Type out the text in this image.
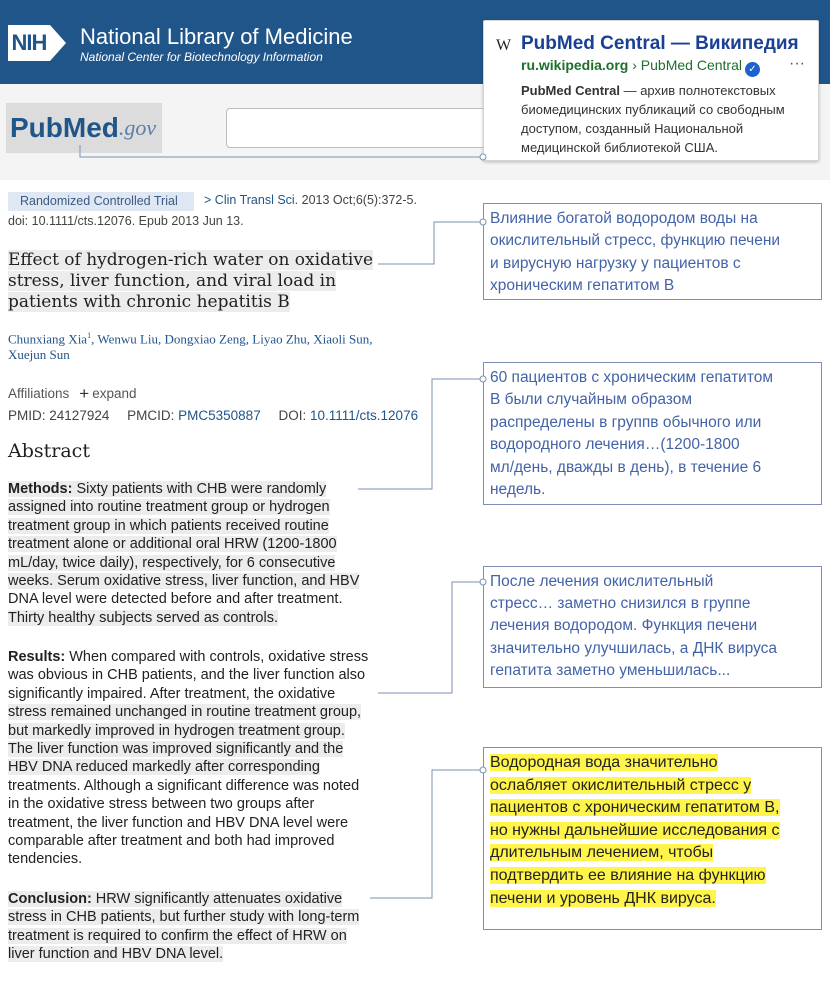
NIH National Library of Medicine
National Center for Biotechnology Information
Pub Med .gov
W PubMed Central — Википедия
ru.wikipedia.org › PubMed Central ✓ ···
PubMed Central — архив полнотекстовых биомедицинских публикаций со свободным доступом, созданный Национальной медицинской библиотекой США.
Randomized Controlled Trial	> Clin Transl Sci. 2013 Oct;6(5):372-5.
doi: 10.1111/cts.12076. Epub 2013 Jun 13.
Effect of hydrogen-rich water on oxidative
stress, liver function, and viral load in
patients with chronic hepatitis B
Chunxiang Xia$^1$, Wenwu Liu, Dongxiao Zeng, Liyao Zhu, Xiaoli Sun,
Xuejun Sun
Affiliations + expand
PMID: 24127924 PMCID: PMC5350887 DOI: 10.1111/cts.12076
Abstract
Methods: Sixty patients with CHB were randomly
assigned into routine treatment group or hydrogen
treatment group in which patients received routine
treatment alone or additional oral HRW (1200-1800
mL/day, twice daily), respectively, for 6 consecutive
weeks. Serum oxidative stress, liver function, and HBV
DNA level were detected before and after treatment.
Thirty healthy subjects served as controls.
Results: When compared with controls, oxidative stress
was obvious in CHB patients, and the liver function also
significantly impaired. After treatment, the oxidative
stress remained unchanged in routine treatment group,
but markedly improved in hydrogen treatment group.
The liver function was improved significantly and the
HBV DNA reduced markedly after corresponding
treatments. Although a significant difference was noted
in the oxidative stress between two groups after
treatment, the liver function and HBV DNA level were
comparable after treatment and both had improved
tendencies.
Conclusion: HRW significantly attenuates oxidative
stress in CHB patients, but further study with long-term
treatment is required to confirm the effect of HRW on
liver function and HBV DNA level.
Влияние богатой водородом воды на
окислительный стресс, функцию печени
и вирусную нагрузку у пациентов с
хроническим гепатитом В
60 пациентов с хроническим гепатитом
В были случайным образом
распределены в группв обычного или
водородного лечения…(1200-1800
мл/день, дважды в день), в течение 6
недель.
После лечения окислительный
стресс… заметно снизился в группе
лечения водородом. Функция печени
значительно улучшилась, а ДНК вируса
гепатита заметно уменьшилась...
Водородная вода значительно
ослабляет окислительный стресс у
пациентов с хроническим гепатитом В,
но нужны дальнейшие исследования с
длительным лечением, чтобы
подтвердить ее влияние на функцию
печени и уровень ДНК вируса.
